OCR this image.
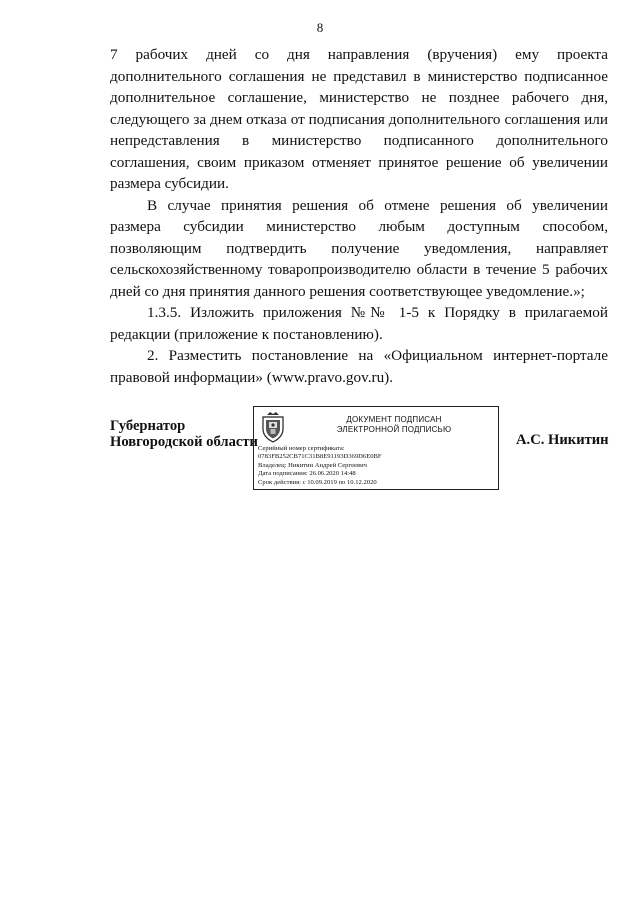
8

7 рабочих дней со дня направления (вручения) ему проекта дополнительного соглашения не представил в министерство подписанное дополнительное соглашение, министерство не позднее рабочего дня, следующего за днем отказа от подписания дополнительного соглашения или непредставления в министерство подписанного дополнительного соглашения, своим приказом отменяет принятое решение об увеличении размера субсидии.

В случае принятия решения об отмене решения об увеличении размера субсидии министерство любым доступным способом, позволяющим подтвердить получение уведомления, направляет сельскохозяйственному товаропроизводителю области в течение 5 рабочих дней со дня принятия данного решения соответствующее уведомление.»;

1.3.5. Изложить приложения №№ 1-5 к Порядку в прилагаемой редакции (приложение к постановлению).

2. Разместить постановление на «Официальном интернет-портале правовой информации» (www.pravo.gov.ru).

Губернатор
Новгородской области
ДОКУМЕНТ ПОДПИСАН
ЭЛЕКТРОННОЙ ПОДПИСЬЮ
Серийный номер сертификата:
0783FB252CB71C31B8E91193D369D6E0BF
Владелец: Никитин Андрей Сергеевич
Дата подписания: 26.06.2020 14:48
Срок действия: с 10.09.2019 по 10.12.2020
А.С. Никитин
